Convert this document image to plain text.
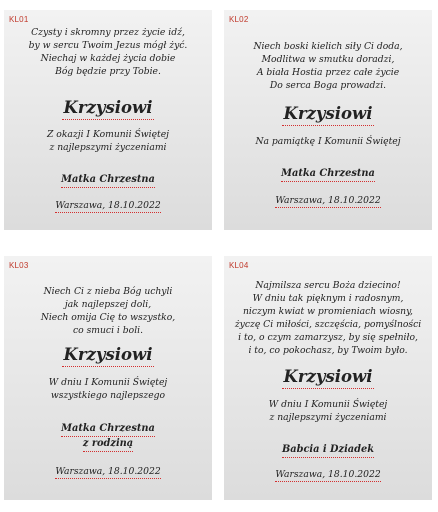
KL01
Czysty i skromny przez życie idź,
by w sercu Twoim Jezus mógł żyć.
Niechaj w każdej życia dobie
Bóg będzie przy Tobie.
Krzysiowi
Z okazji I Komunii Świętej
z najlepszymi życzeniami
Matka Chrzestna
Warszawa, 18.10.2022
KL02
Niech boski kielich siły Ci doda,
Modlitwa w smutku doradzi,
A biała Hostia przez całe życie
Do serca Boga prowadzi.
Krzysiowi
Na pamiątkę I Komunii Świętej
Matka Chrzestna
Warszawa, 18.10.2022
KL03
Niech Ci z nieba Bóg uchyli
jak najlepszej doli,
Niech omija Cię to wszystko,
co smuci i boli.
Krzysiowi
W dniu I Komunii Świętej
wszystkiego najlepszego
Matka Chrzestna
z rodziną
Warszawa, 18.10.2022
KL04
Najmilsza sercu Boża dziecino!
W dniu tak pięknym i radosnym,
niczym kwiat w promieniach wiosny,
życzę Ci miłości, szczęścia, pomyślności
i to, o czym zamarzysz, by się spełniło,
i to, co pokochasz, by Twoim było.
Krzysiowi
W dniu I Komunii Świętej
z najlepszymi życzeniami
Babcia i Dziadek
Warszawa, 18.10.2022
